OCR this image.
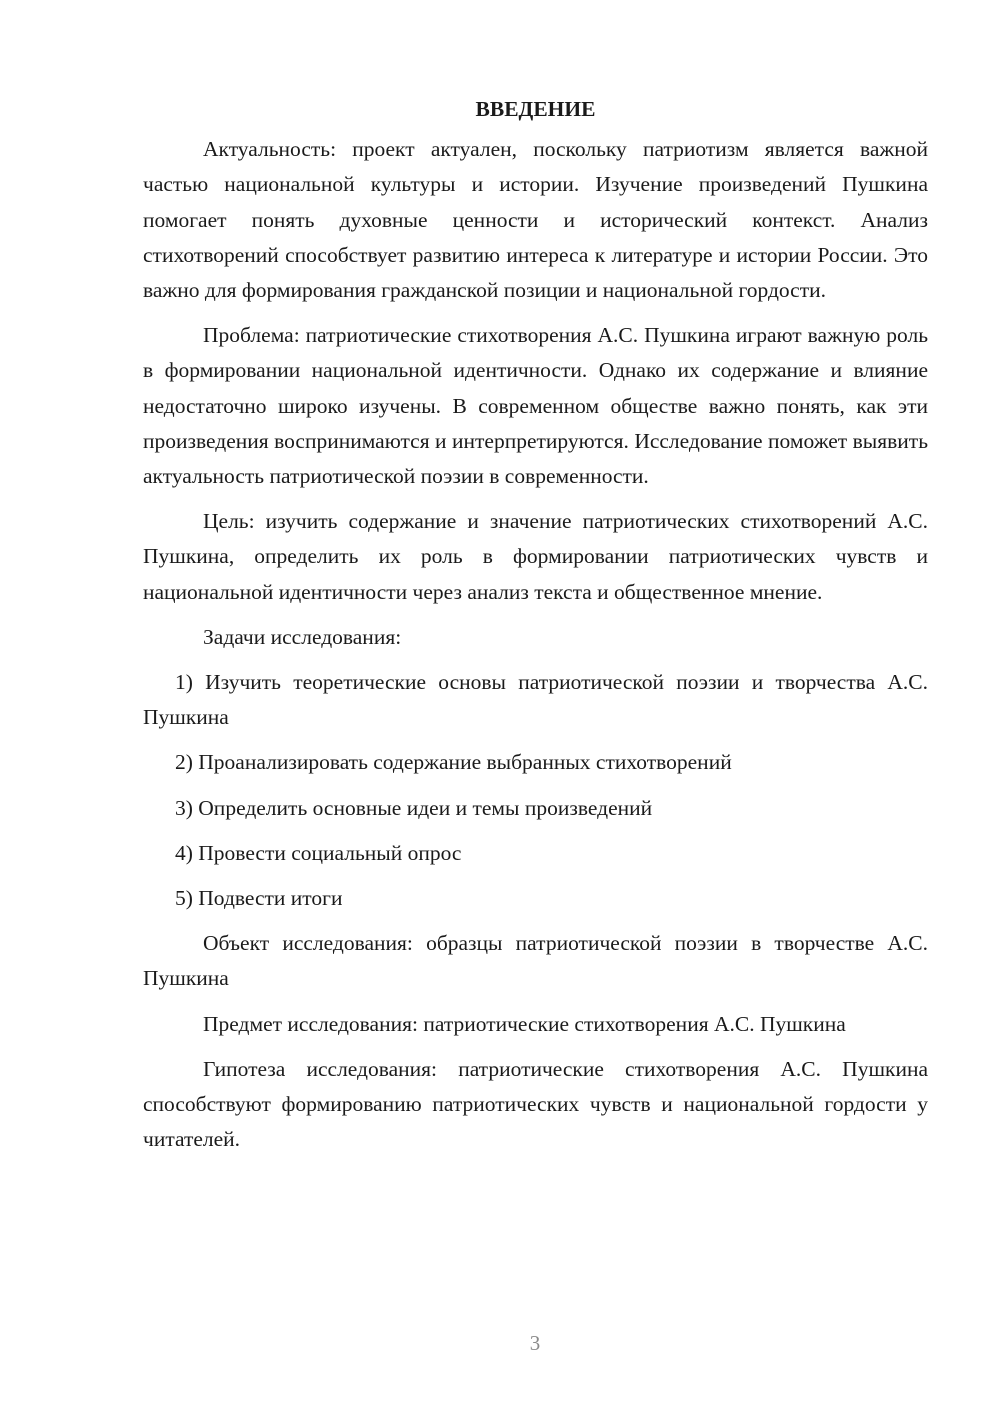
ВВЕДЕНИЕ

Актуальность: проект актуален, поскольку патриотизм является важной частью национальной культуры и истории. Изучение произведений Пушкина помогает понять духовные ценности и исторический контекст. Анализ стихотворений способствует развитию интереса к литературе и истории России. Это важно для формирования гражданской позиции и национальной гордости.

Проблема: патриотические стихотворения А.С. Пушкина играют важную роль в формировании национальной идентичности. Однако их содержание и влияние недостаточно широко изучены. В современном обществе важно понять, как эти произведения воспринимаются и интерпретируются. Исследование поможет выявить актуальность патриотической поэзии в современности.

Цель: изучить содержание и значение патриотических стихотворений А.С. Пушкина, определить их роль в формировании патриотических чувств и национальной идентичности через анализ текста и общественное мнение.

Задачи исследования:

1) Изучить теоретические основы патриотической поэзии и творчества А.С. Пушкина

2) Проанализировать содержание выбранных стихотворений

3) Определить основные идеи и темы произведений

4) Провести социальный опрос

5) Подвести итоги

Объект исследования: образцы патриотической поэзии в творчестве А.С. Пушкина

Предмет исследования: патриотические стихотворения А.С. Пушкина

Гипотеза исследования: патриотические стихотворения А.С. Пушкина способствуют формированию патриотических чувств и национальной гордости у читателей.

3
